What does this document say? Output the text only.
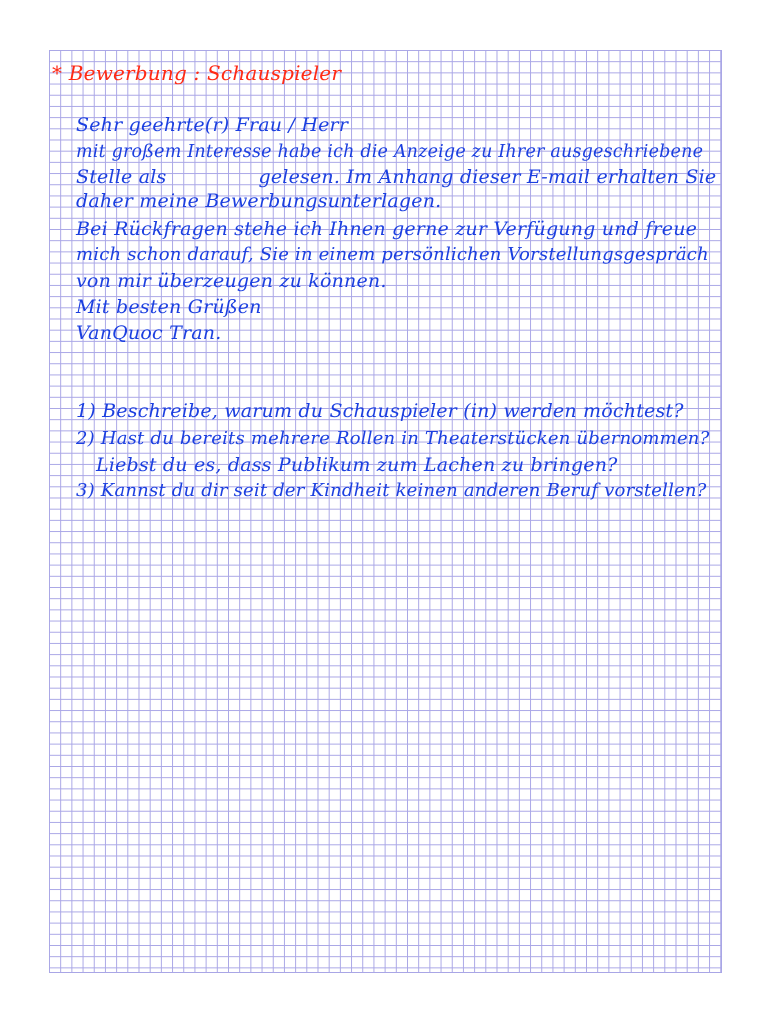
* Bewerbung : Schauspieler
Sehr geehrte(r) Frau / Herr
mit großem Interesse habe ich die Anzeige zu Ihrer ausgeschriebene
Stelle als	gelesen. Im Anhang dieser E-mail erhalten Sie
daher meine Bewerbungsunterlagen.
Bei Rückfragen stehe ich Ihnen gerne zur Verfügung und freue
mich schon darauf, Sie in einem persönlichen Vorstellungsgespräch
von mir überzeugen zu können.
Mit besten Grüßen
VanQuoc Tran.
1) Beschreibe, warum du Schauspieler (in) werden möchtest?
2) Hast du bereits mehrere Rollen in Theaterstücken übernommen?
Liebst du es, dass Publikum zum Lachen zu bringen?
3) Kannst du dir seit der Kindheit keinen anderen Beruf vorstellen?
